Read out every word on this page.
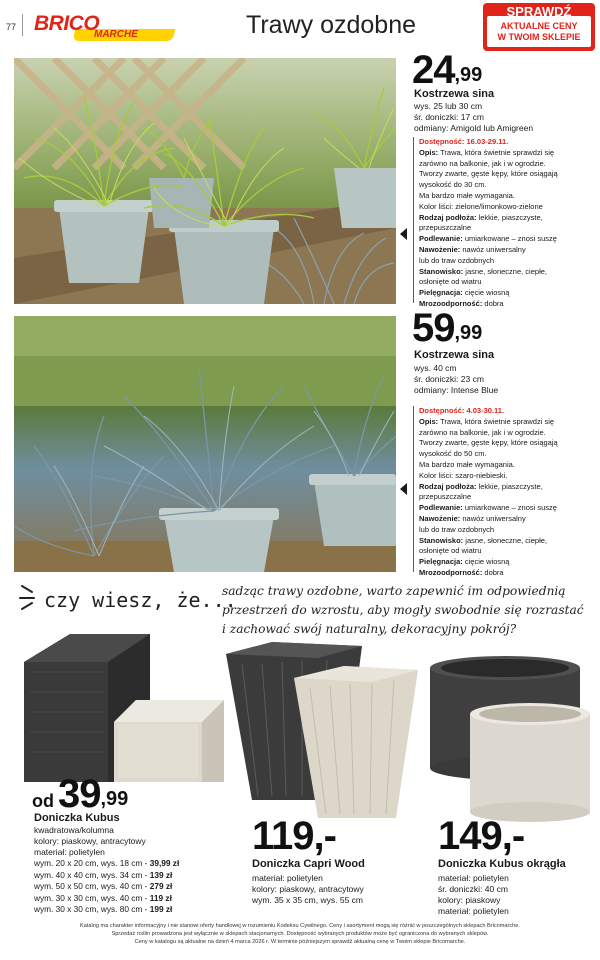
77 BRICO
MARCHE	Trawy ozdobne	SPRAWDŹ
AKTUALNE CENY
W TWOIM SKLEPIE
24,99
Kostrzewa sina
wys. 25 lub 30 cm
śr. doniczki: 17 cm
odmiany: Amigold lub Amigreen
Dostępność: 16.03-29.11.
Opis: Trawa, która świetnie sprawdzi się
zarówno na balkonie, jak i w ogrodzie.
Tworzy zwarte, gęste kępy, które osiągają
wysokość do 30 cm.
Ma bardzo małe wymagania.
Kolor liści: zielone/limonkowo-zielone
Rodzaj podłoża: lekkie, piaszczyste,
przepuszczalne
Podlewanie: umiarkowane – znosi suszę
Nawożenie: nawóz uniwersalny
lub do traw ozdobnych
Stanowisko: jasne, słoneczne, ciepłe,
osłonięte od wiatru
Pielęgnacja: cięcie wiosną
Mrozoodporność: dobra
59,99
Kostrzewa sina
wys. 40 cm
śr. doniczki: 23 cm
odmiany: Intense Blue
Dostępność: 4.03-30.11.
Opis: Trawa, która świetnie sprawdzi się
zarówno na balkonie, jak i w ogrodzie.
Tworzy zwarte, gęste kępy, które osiągają
wysokość do 50 cm.
Ma bardzo małe wymagania.
Kolor liści: szaro-niebieski.
Rodzaj podłoża: lekkie, piaszczyste,
przepuszczalne
Podlewanie: umiarkowane – znosi suszę
Nawożenie: nawóz uniwersalny
lub do traw ozdobnych
Stanowisko: jasne, słoneczne, ciepłe,
osłonięte od wiatru
Pielęgnacja: cięcie wiosną
Mrozoodporność: dobra
czy wiesz, że...
sadząc trawy ozdobne, warto zapewnić im odpowiednią
przestrzeń do wzrostu, aby mogły swobodnie się rozrastać
i zachować swój naturalny, dekoracyjny pokrój?
od 39,99
Doniczka Kubus
kwadratowa/kolumna
kolory: piaskowy, antracytowy
materiał: polietylen
wym. 20 x 20 cm, wys. 18 cm - 39,99 zł
wym. 40 x 40 cm, wys. 34 cm - 139 zł
wym. 50 x 50 cm, wys. 40 cm - 279 zł
wym. 30 x 30 cm, wys. 40 cm - 119 zł
wym. 30 x 30 cm, wys. 80 cm - 199 zł
119,-
Doniczka Capri Wood
materiał: polietylen
kolory: piaskowy, antracytowy
wym. 35 x 35 cm, wys. 55 cm
149,-
Doniczka Kubus okrągła
materiał: polietylen
śr. doniczki: 40 cm
kolory: piaskowy
materiał: polietylen
Katalog ma charakter informacyjny i nie stanowi oferty handlowej w rozumieniu Kodeksu Cywilnego. Ceny i asortyment mogą się różnić w poszczególnych sklepach Bricomarche.
Sprzedaż roślin prowadzona jest wyłącznie w sklepach stacjonarnych. Dostępność wybranych produktów może być ograniczona do wybranych sklepów.
Ceny w katalogu są aktualne na dzień 4 marca 2026 r. W terminie późniejszym sprawdź aktualną cenę w Twoim sklepie Bricomarche.
